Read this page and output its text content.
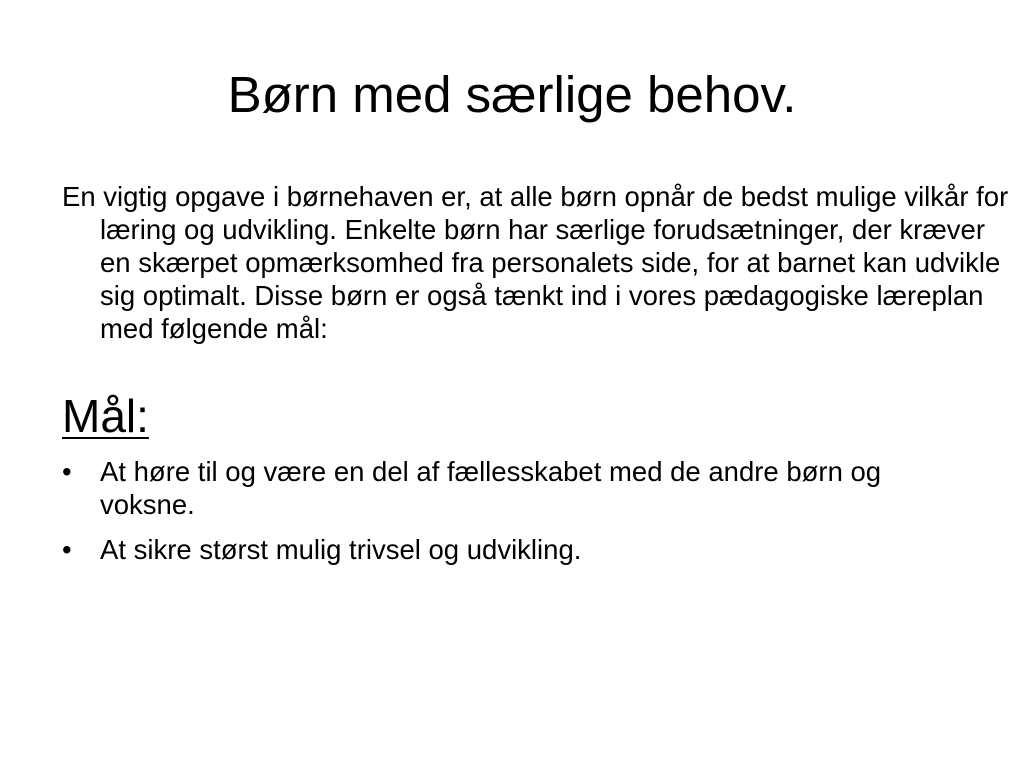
Børn med særlige behov.

En vigtig opgave i børnehaven er, at alle børn opnår de bedst mulige vilkår for læring og udvikling. Enkelte børn har særlige forudsætninger, der kræver en skærpet opmærksomhed fra personalets side, for at barnet kan udvikle sig optimalt. Disse børn er også tænkt ind i vores pædagogiske læreplan med følgende mål:

Mål:
•	At høre til og være en del af fællesskabet med de andre børn og voksne.
•	At sikre størst mulig trivsel og udvikling.
